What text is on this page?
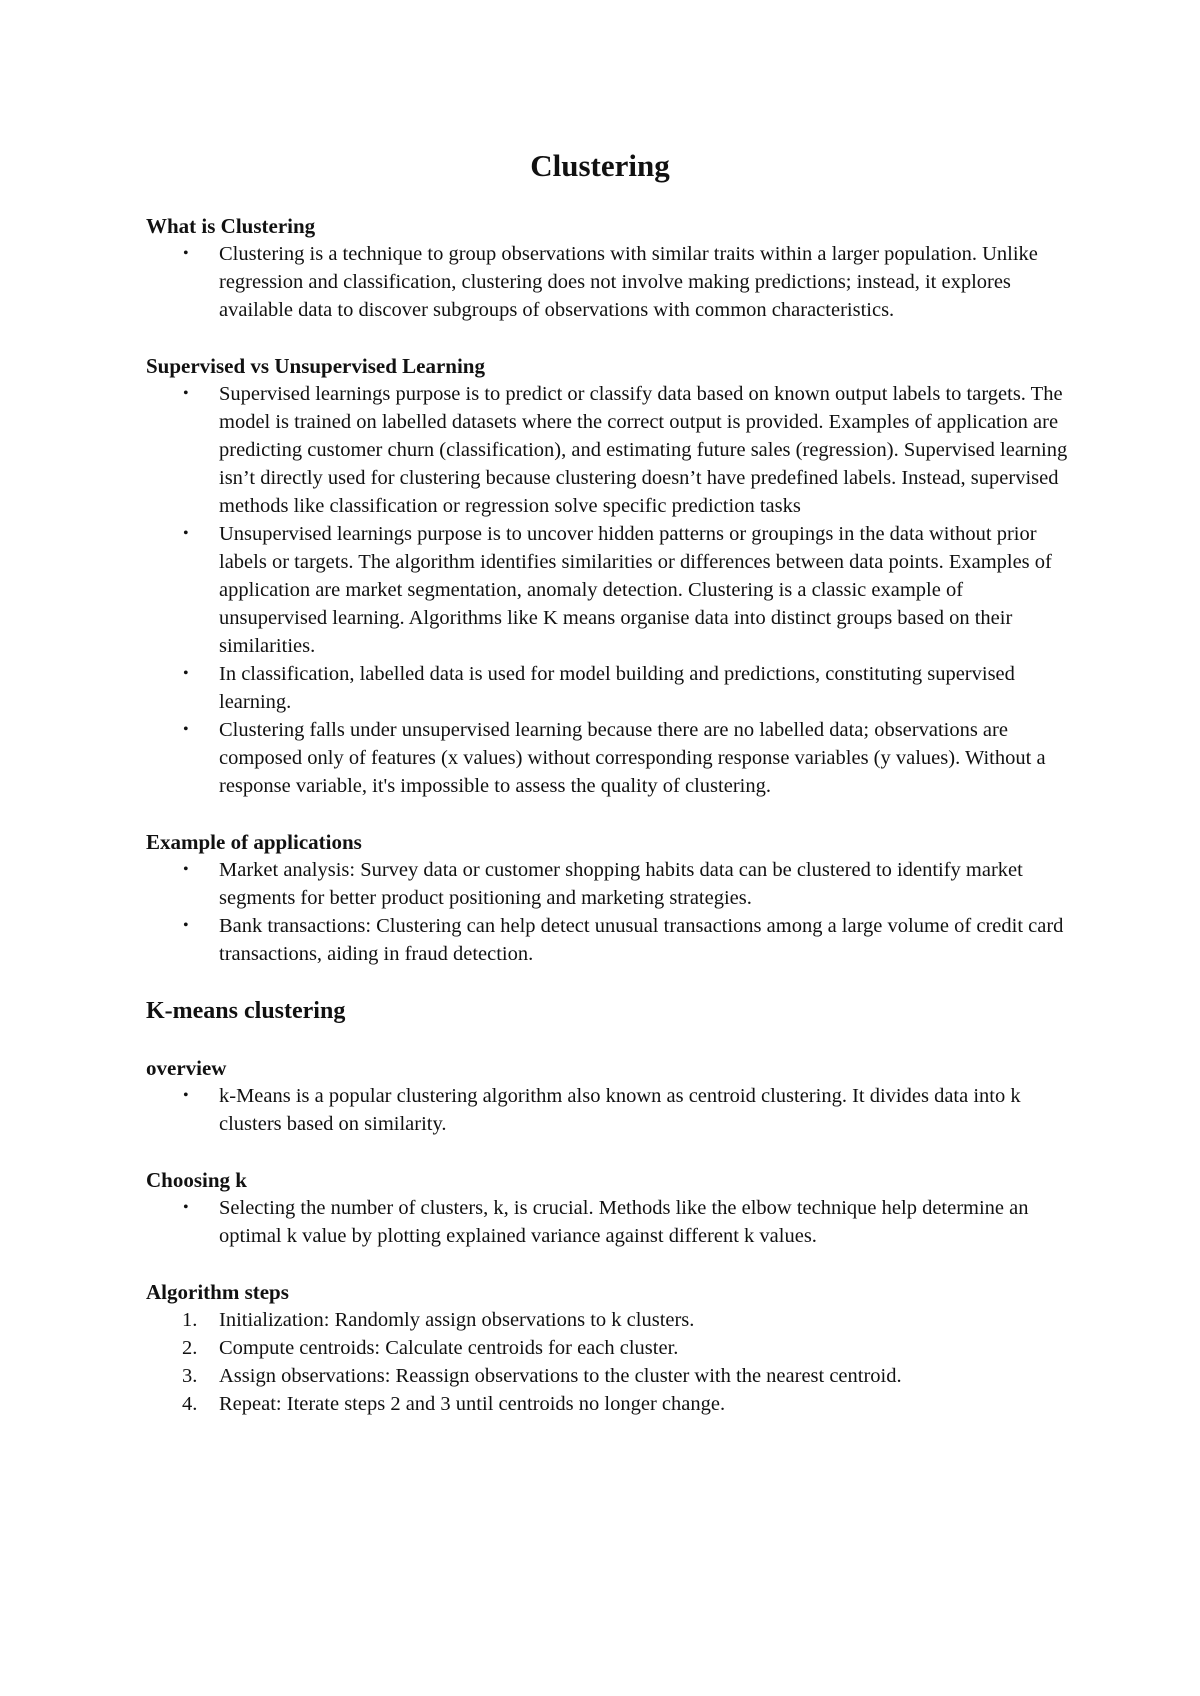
Clustering
What is Clustering
• Clustering is a technique to group observations with similar traits within a larger population. Unlike regression and classification, clustering does not involve making predictions; instead, it explores available data to discover subgroups of observations with common characteristics.
Supervised vs Unsupervised Learning
• Supervised learnings purpose is to predict or classify data based on known output labels to targets. The model is trained on labelled datasets where the correct output is provided. Examples of application are predicting customer churn (classification), and estimating future sales (regression). Supervised learning isn’t directly used for clustering because clustering doesn’t have predefined labels. Instead, supervised methods like classification or regression solve specific prediction tasks
• Unsupervised learnings purpose is to uncover hidden patterns or groupings in the data without prior labels or targets. The algorithm identifies similarities or differences between data points. Examples of application are market segmentation, anomaly detection. Clustering is a classic example of unsupervised learning. Algorithms like K means organise data into distinct groups based on their similarities.
• In classification, labelled data is used for model building and predictions, constituting supervised learning.
• Clustering falls under unsupervised learning because there are no labelled data; observations are composed only of features (x values) without corresponding response variables (y values). Without a response variable, it's impossible to assess the quality of clustering.
Example of applications
• Market analysis: Survey data or customer shopping habits data can be clustered to identify market segments for better product positioning and marketing strategies.
• Bank transactions: Clustering can help detect unusual transactions among a large volume of credit card transactions, aiding in fraud detection.
K-means clustering
overview
• k-Means is a popular clustering algorithm also known as centroid clustering. It divides data into k clusters based on similarity.
Choosing k
• Selecting the number of clusters, k, is crucial. Methods like the elbow technique help determine an optimal k value by plotting explained variance against different k values.
Algorithm steps
1.	Initialization: Randomly assign observations to k clusters.
2.	Compute centroids: Calculate centroids for each cluster.
3.	Assign observations: Reassign observations to the cluster with the nearest centroid.
4.	Repeat: Iterate steps 2 and 3 until centroids no longer change.
